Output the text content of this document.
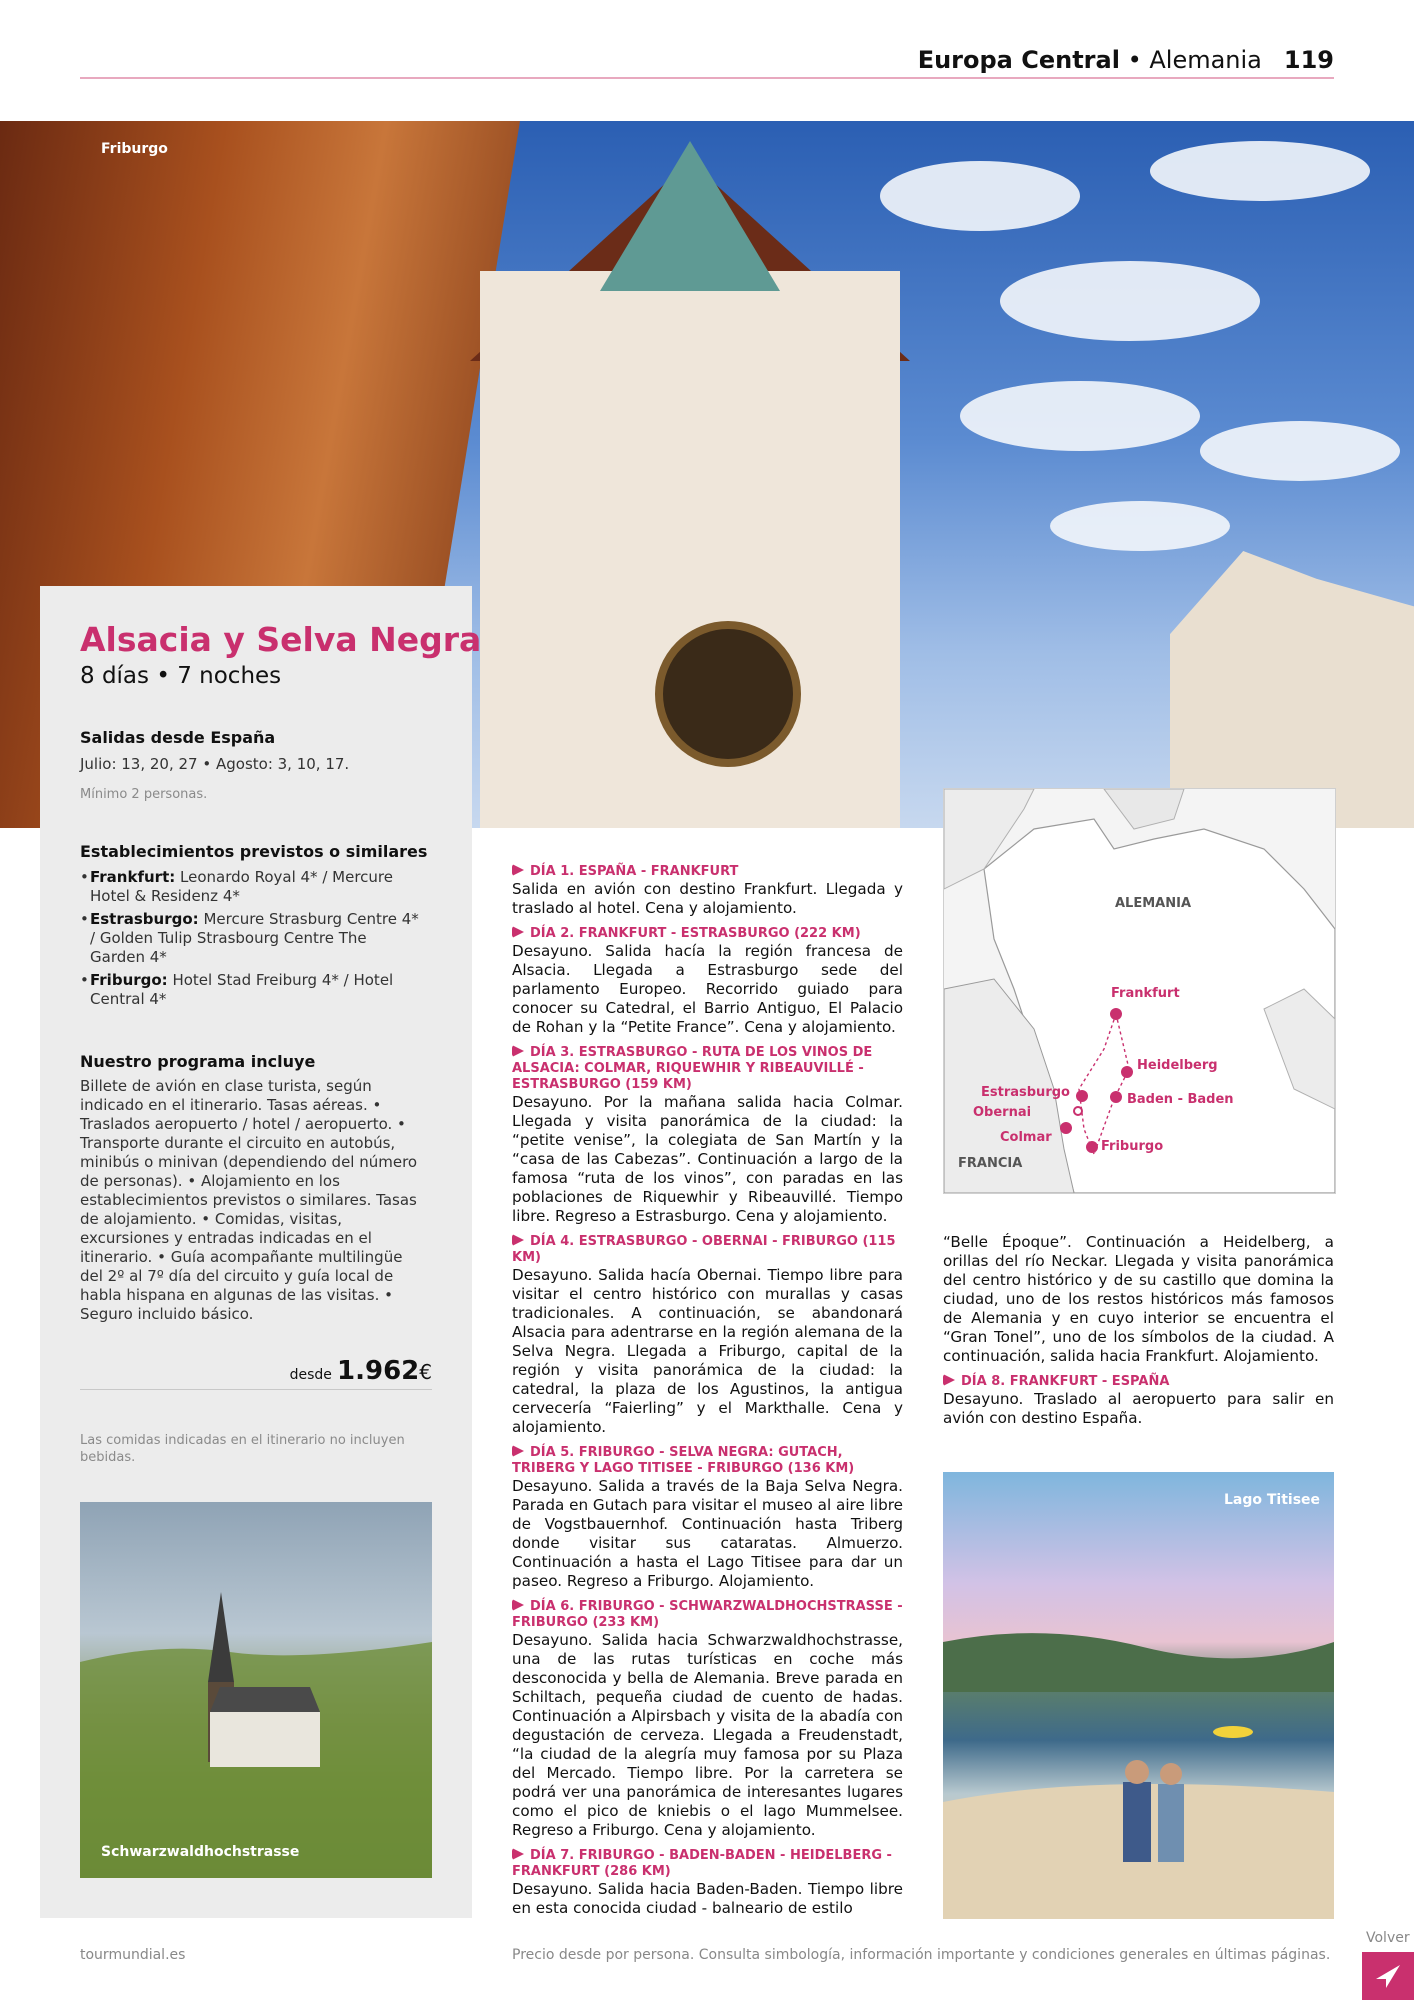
Europa Central • Alemania 119
Friburgo
Alsacia y Selva Negra
8 días • 7 noches
Salidas desde España
Julio: 13, 20, 27 • Agosto: 3, 10, 17.
Mínimo 2 personas.
Establecimientos previstos o similares
• Frankfurt: Leonardo Royal 4* / Mercure Hotel & Residenz 4*
• Estrasburgo: Mercure Strasburg Centre 4* / Golden Tulip Strasbourg Centre The Garden 4*
• Friburgo: Hotel Stad Freiburg 4* / Hotel Central 4*
Nuestro programa incluye
Billete de avión en clase turista, según indicado en el itinerario. Tasas aéreas. • Traslados aeropuerto / hotel / aeropuerto. • Transporte durante el circuito en autobús, minibús o minivan (dependiendo del número de personas). • Alojamiento en los establecimientos previstos o similares. Tasas de alojamiento. • Comidas, visitas, excursiones y entradas indicadas en el itinerario. • Guía acompañante multilingüe del 2º al 7º día del circuito y guía local de habla hispana en algunas de las visitas. • Seguro incluido básico.
desde 1.962€
Las comidas indicadas en el itinerario no incluyen bebidas.
Schwarzwaldhochstrasse
ALEMANIA
FRANCIA
Frankfurt
Heidelberg
Estrasburgo	Baden - Baden
Obernai
Colmar
Friburgo
DÍA 1. ESPAÑA - FRANKFURT

Salida en avión con destino Frankfurt. Llegada y traslado al hotel. Cena y alojamiento.

DÍA 2. FRANKFURT - ESTRASBURGO (222 KM)

Desayuno. Salida hacía la región francesa de Alsacia. Llegada a Estrasburgo sede del parlamento Europeo. Recorrido guiado para conocer su Catedral, el Barrio Antiguo, El Palacio de Rohan y la “Petite France”. Cena y alojamiento.

DÍA 3. ESTRASBURGO - RUTA DE LOS VINOS DE ALSACIA: COLMAR, RIQUEWHIR Y RIBEAUVILLÉ - ESTRASBURGO (159 KM)

Desayuno. Por la mañana salida hacia Colmar. Llegada y visita panorámica de la ciudad: la “petite venise”, la colegiata de San Martín y la “casa de las Cabezas”. Continuación a largo de la famosa “ruta de los vinos”, con paradas en las poblaciones de Riquewhir y Ribeauvillé. Tiempo libre. Regreso a Estrasburgo. Cena y alojamiento.

DÍA 4. ESTRASBURGO - OBERNAI - FRIBURGO (115 KM)

Desayuno. Salida hacía Obernai. Tiempo libre para visitar el centro histórico con murallas y casas tradicionales. A continuación, se abandonará Alsacia para adentrarse en la región alemana de la Selva Negra. Llegada a Friburgo, capital de la región y visita panorámica de la ciudad: la catedral, la plaza de los Agustinos, la antigua cervecería “Faierling” y el Markthalle. Cena y alojamiento.

DÍA 5. FRIBURGO - SELVA NEGRA: GUTACH, TRIBERG Y LAGO TITISEE - FRIBURGO (136 KM)

Desayuno. Salida a través de la Baja Selva Negra. Parada en Gutach para visitar el museo al aire libre de Vogstbauernhof. Continuación hasta Triberg donde visitar sus cataratas. Almuerzo. Continuación a hasta el Lago Titisee para dar un paseo. Regreso a Friburgo. Alojamiento.

DÍA 6. FRIBURGO - SCHWARZWALDHOCHSTRASSE - FRIBURGO (233 KM)

Desayuno. Salida hacia Schwarzwaldhochstrasse, una de las rutas turísticas en coche más desconocida y bella de Alemania. Breve parada en Schiltach, pequeña ciudad de cuento de hadas. Continuación a Alpirsbach y visita de la abadía con degustación de cerveza. Llegada a Freudenstadt, “la ciudad de la alegría muy famosa por su Plaza del Mercado. Tiempo libre. Por la carretera se podrá ver una panorámica de interesantes lugares como el pico de kniebis o el lago Mummelsee. Regreso a Friburgo. Cena y alojamiento.

DÍA 7. FRIBURGO - BADEN-BADEN - HEIDELBERG - FRANKFURT (286 KM)

Desayuno. Salida hacia Baden-Baden. Tiempo libre en esta conocida ciudad - balneario de estilo

“Belle Époque”. Continuación a Heidelberg, a orillas del río Neckar. Llegada y visita panorámica del centro histórico y de su castillo que domina la ciudad, uno de los restos históricos más famosos de Alemania y en cuyo interior se encuentra el “Gran Tonel”, uno de los símbolos de la ciudad. A continuación, salida hacia Frankfurt. Alojamiento.

DÍA 8. FRANKFURT - ESPAÑA

Desayuno. Traslado al aeropuerto para salir en avión con destino España.

Lago Titisee
tourmundial.es	Precio desde por persona. Consulta simbología, información importante y condiciones generales en últimas páginas.
Volver
